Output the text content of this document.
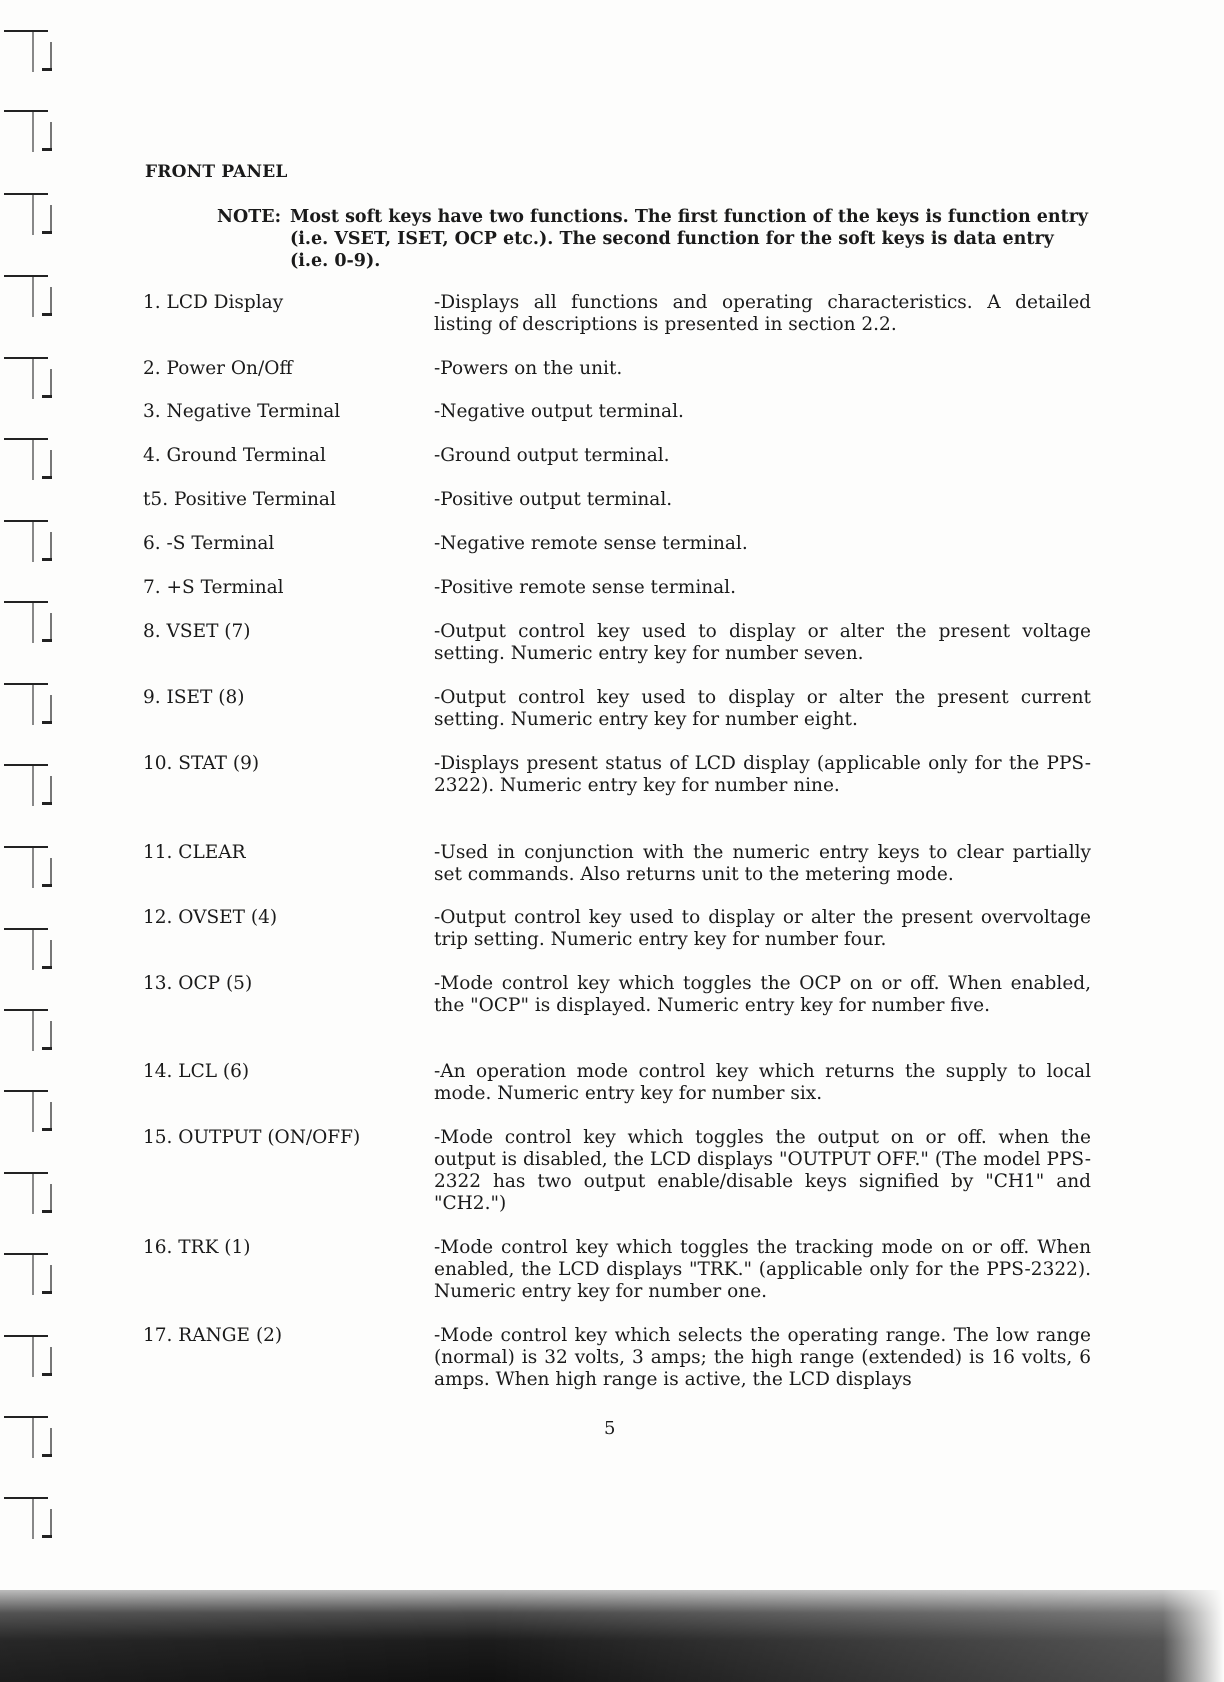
FRONT PANEL
NOTE: Most soft keys have two functions. The first function of the keys is function entry (i.e. VSET, ISET, OCP etc.). The second function for the soft keys is data entry (i.e. 0-9).
1. LCD Display	-Displays all functions and operating characteristics. A detailed listing of descriptions is presented in section 2.2.
2. Power On/Off	-Powers on the unit.
3. Negative Terminal	-Negative output terminal.
4. Ground Terminal	-Ground output terminal.
t5. Positive Terminal	-Positive output terminal.
6. -S Terminal	-Negative remote sense terminal.
7. +S Terminal	-Positive remote sense terminal.
8. VSET (7)	-Output control key used to display or alter the present voltage setting. Numeric entry key for number seven.
9. ISET (8)	-Output control key used to display or alter the present current setting. Numeric entry key for number eight.
10. STAT (9)	-Displays present status of LCD display (applicable only for the PPS-2322). Numeric entry key for number nine.
11. CLEAR	-Used in conjunction with the numeric entry keys to clear partially set commands. Also returns unit to the metering mode.
12. OVSET (4)	-Output control key used to display or alter the present overvoltage trip setting. Numeric entry key for number four.
13. OCP (5)	-Mode control key which toggles the OCP on or off. When enabled, the "OCP" is displayed. Numeric entry key for number five.
14. LCL (6)	-An operation mode control key which returns the supply to local mode. Numeric entry key for number six.
15. OUTPUT (ON/OFF)	-Mode control key which toggles the output on or off. when the output is disabled, the LCD displays "OUTPUT OFF." (The model PPS-2322 has two output enable/disable keys signified by "CH1" and "CH2.")
16. TRK (1)	-Mode control key which toggles the tracking mode on or off. When enabled, the LCD displays "TRK." (applicable only for the PPS-2322). Numeric entry key for number one.
17. RANGE (2)	-Mode control key which selects the operating range. The low range (normal) is 32 volts, 3 amps; the high range (extended) is 16 volts, 6 amps. When high range is active, the LCD displays
5
